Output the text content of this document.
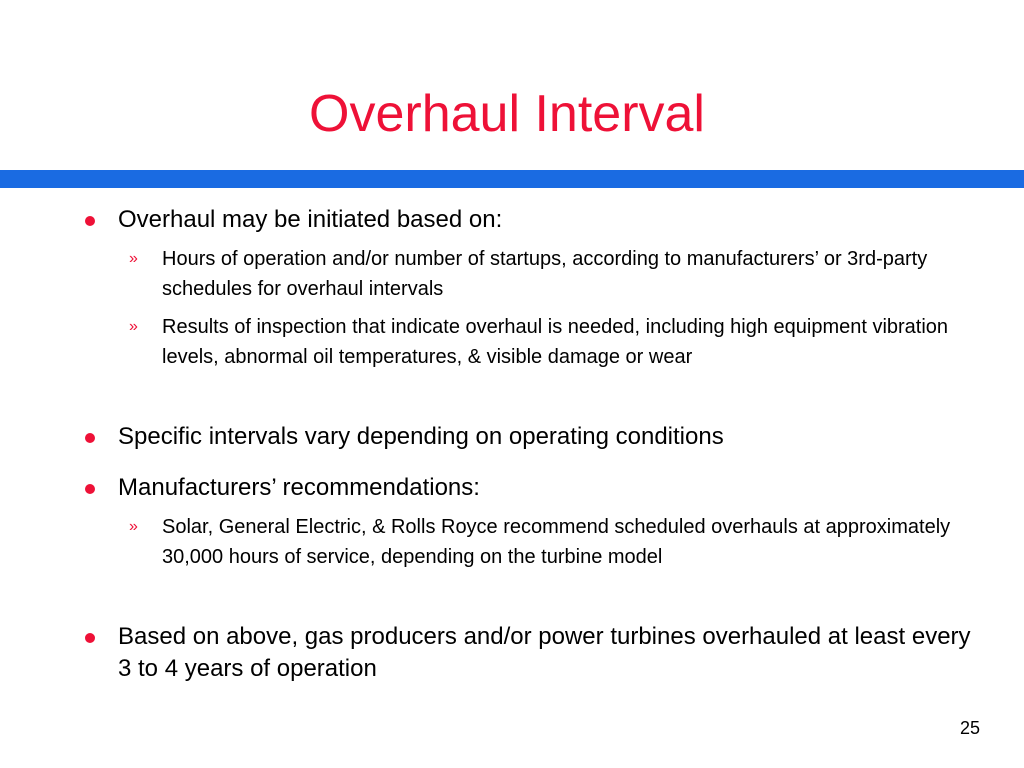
Overhaul Interval
Overhaul may be initiated based on:
» Hours of operation and/or number of startups, according to manufacturers’ or 3rd-party schedules for overhaul intervals
» Results of inspection that indicate overhaul is needed, including high equipment vibration levels, abnormal oil temperatures, & visible damage or wear
Specific intervals vary depending on operating conditions
Manufacturers’ recommendations:
» Solar, General Electric, & Rolls Royce recommend scheduled overhauls at approximately 30,000 hours of service, depending on the turbine model
Based on above, gas producers and/or power turbines overhauled at least every 3 to 4 years of operation
25
